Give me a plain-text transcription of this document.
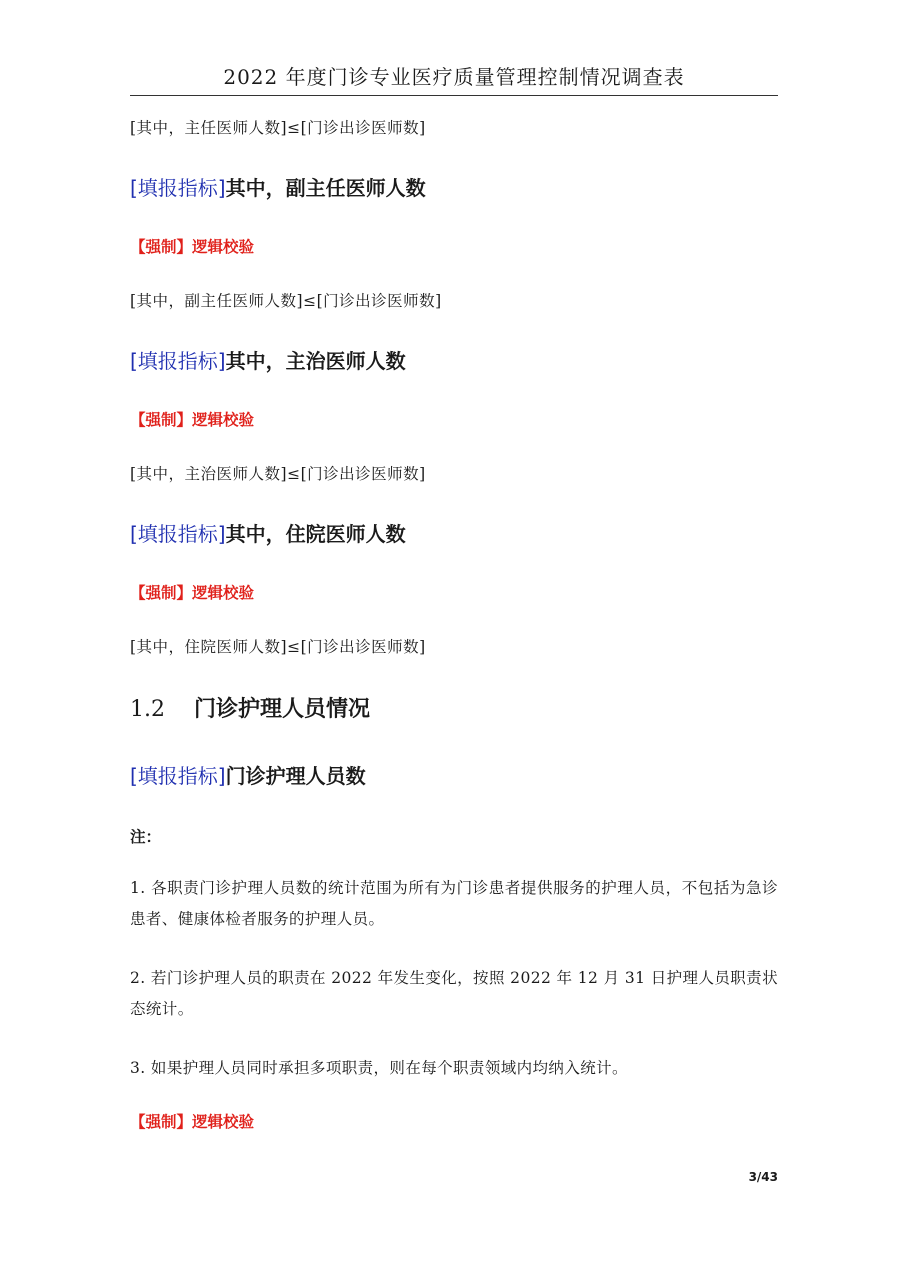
2022 年度门诊专业医疗质量管理控制情况调查表
[其中，主任医师人数]≤[门诊出诊医师数]
[填报指标]其中，副主任医师人数
【强制】逻辑校验
[其中，副主任医师人数]≤[门诊出诊医师数]
[填报指标]其中，主治医师人数
【强制】逻辑校验
[其中，主治医师人数]≤[门诊出诊医师数]
[填报指标]其中，住院医师人数
【强制】逻辑校验
[其中，住院医师人数]≤[门诊出诊医师数]
1.2 门诊护理人员情况
[填报指标]门诊护理人员数
注：
1. 各职责门诊护理人员数的统计范围为所有为门诊患者提供服务的护理人员，不包括为急诊患者、健康体检者服务的护理人员。
2. 若门诊护理人员的职责在 2022 年发生变化，按照 2022 年 12 月 31 日护理人员职责状态统计。
3. 如果护理人员同时承担多项职责，则在每个职责领域内均纳入统计。
【强制】逻辑校验
3/43
